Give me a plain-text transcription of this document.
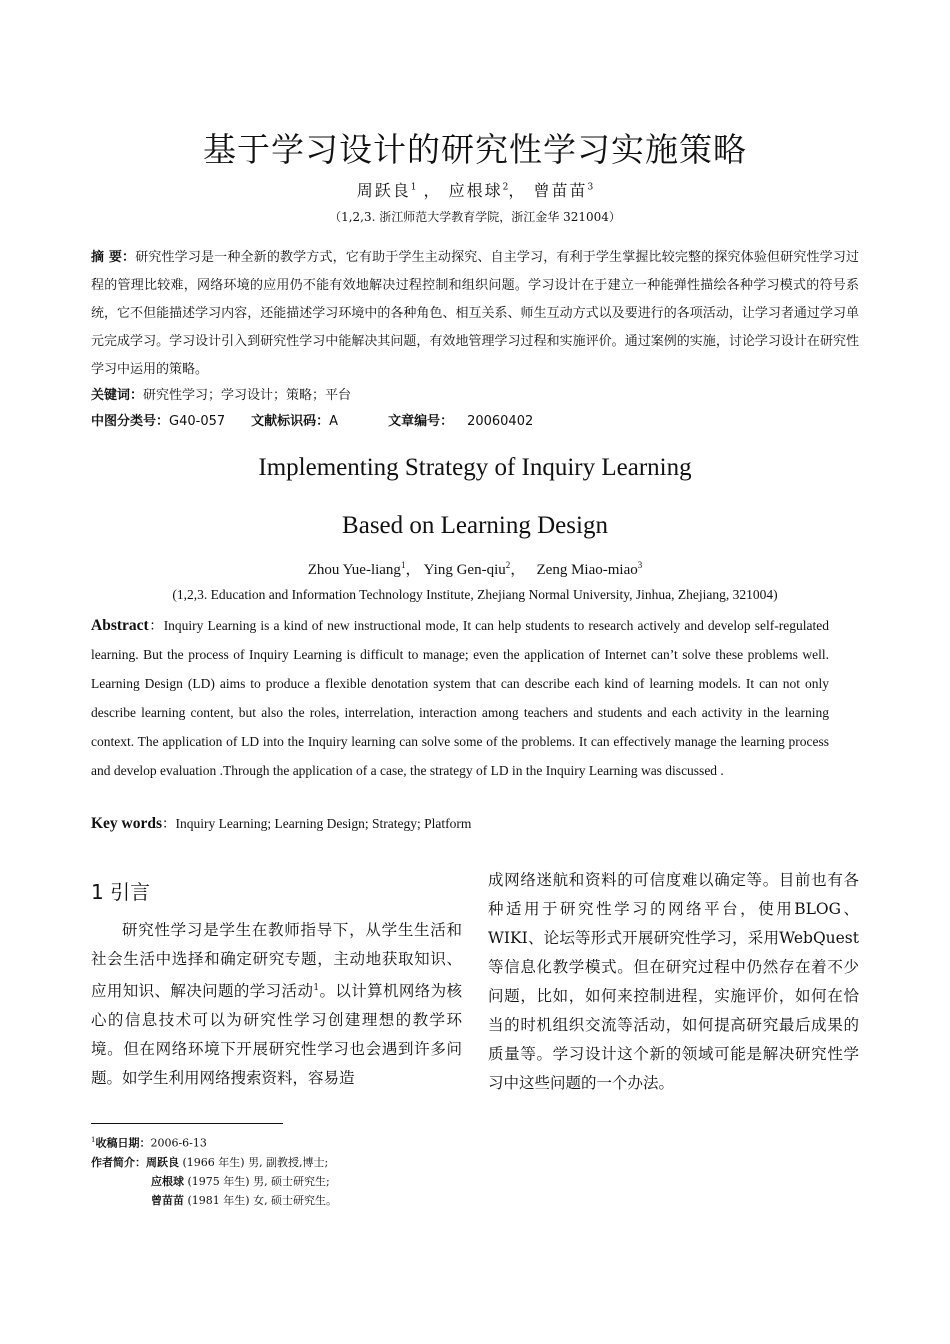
基于学习设计的研究性学习实施策略
周跃良$^1$ ， 应根球$^2$， 曾苗苗$^3$
（1,2,3. 浙江师范大学教育学院，浙江金华 321004）
摘 要：研究性学习是一种全新的教学方式，它有助于学生主动探究、自主学习，有利于学生掌握比较完整的探究体验但研究性学习过程的管理比较难，网络环境的应用仍不能有效地解决过程控制和组织问题。学习设计在于建立一种能弹性描绘各种学习模式的符号系统，它不但能描述学习内容，还能描述学习环境中的各种角色、相互关系、师生互动方式以及要进行的各项活动，让学习者通过学习单元完成学习。学习设计引入到研究性学习中能解决其问题，有效地管理学习过程和实施评价。通过案例的实施，讨论学习设计在研究性学习中运用的策略。
关键词：研究性学习；学习设计；策略；平台
中图分类号：G40-057 文献标识码：A	文章编号： 20060402
Implementing Strategy of Inquiry Learning
Based on Learning Design
Zhou Yue-liang$^1$， Ying Gen-qiu$^2$， Zeng Miao-miao$^3$
(1,2,3. Education and Information Technology Institute, Zhejiang Normal University, Jinhua, Zhejiang, 321004)
Abstract：Inquiry Learning is a kind of new instructional mode, It can help students to research actively and develop self-regulated learning. But the process of Inquiry Learning is difficult to manage; even the application of Internet can’t solve these problems well. Learning Design (LD) aims to produce a flexible denotation system that can describe each kind of learning models. It can not only describe learning content, but also the roles, interrelation, interaction among teachers and students and each activity in the learning context. The application of LD into the Inquiry learning can solve some of the problems. It can effectively manage the learning process and develop evaluation .Through the application of a case, the strategy of LD in the Inquiry Learning was discussed .
Key words：Inquiry Learning; Learning Design; Strategy; Platform
1 引言

研究性学习是学生在教师指导下，从学生生活和社会生活中选择和确定研究专题，主动地获取知识、应用知识、解决问题的学习活动$^1$。以计算机网络为核心的信息技术可以为研究性学习创建理想的教学环境。但在网络环境下开展研究性学习也会遇到许多问题。如学生利用网络搜索资料，容易造

成网络迷航和资料的可信度难以确定等。目前也有各种适用于研究性学习的网络平台，使用BLOG、WIKI、论坛等形式开展研究性学习，采用WebQuest等信息化教学模式。但在研究过程中仍然存在着不少问题，比如，如何来控制进程，实施评价，如何在恰当的时机组织交流等活动，如何提高研究最后成果的质量等。学习设计这个新的领域可能是解决研究性学习中这些问题的一个办法。

$^1$收稿日期：2006-6-13
作者简介：周跃良 (1966 年生) 男, 副教授,博士;
应根球 (1975 年生) 男, 硕士研究生;
曾苗苗 (1981 年生) 女, 硕士研究生。
